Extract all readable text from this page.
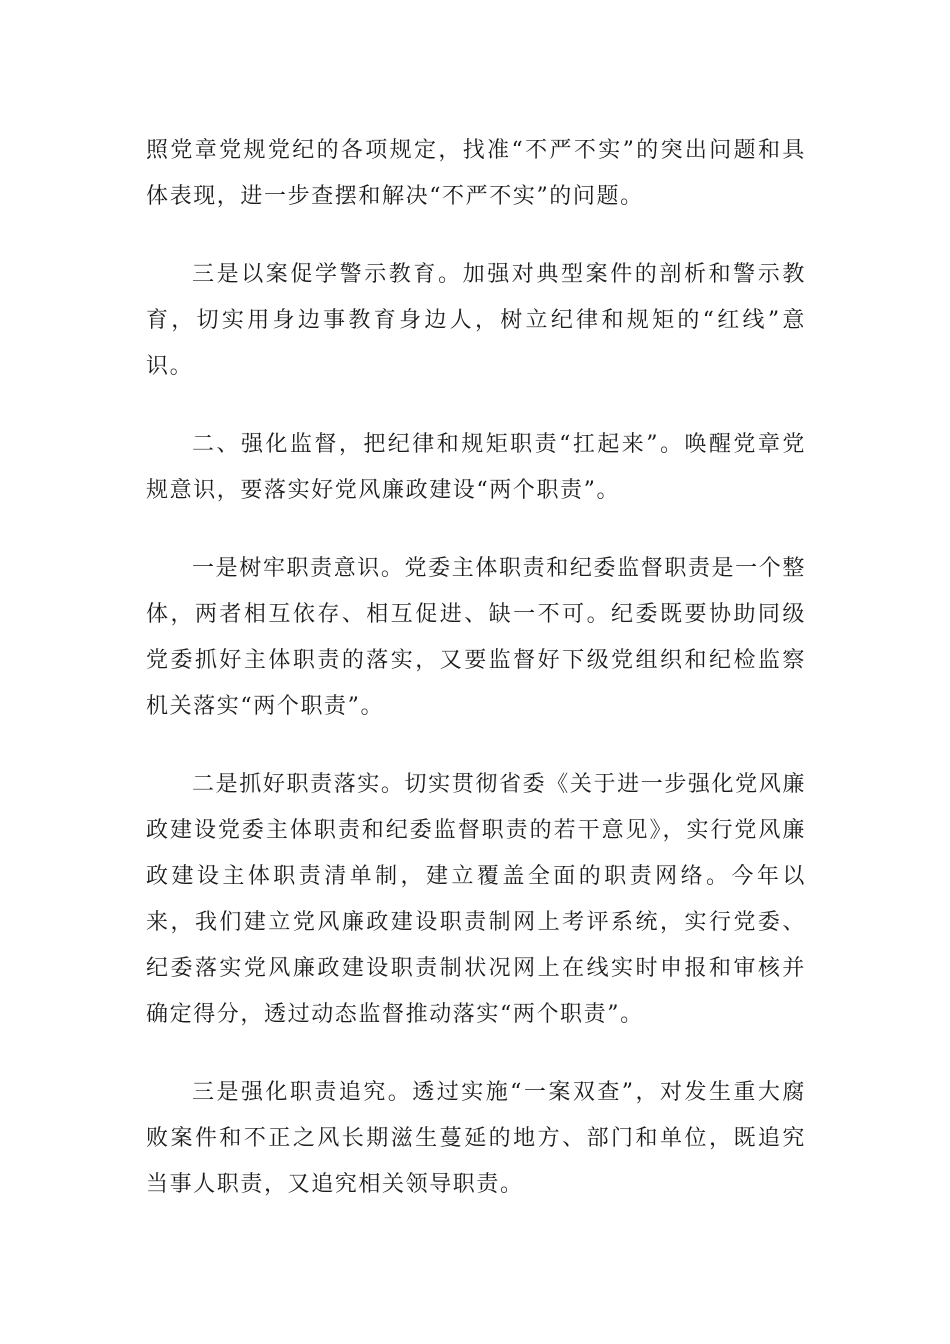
照党章党规党纪的各项规定，找准“不严不实”的突出问题和具体表现，进一步查摆和解决“不严不实”的问题。

三是以案促学警示教育。加强对典型案件的剖析和警示教育，切实用身边事教育身边人，树立纪律和规矩的“红线”意识。

二、强化监督，把纪律和规矩职责“扛起来”。唤醒党章党规意识，要落实好党风廉政建设“两个职责”。

一是树牢职责意识。党委主体职责和纪委监督职责是一个整体，两者相互依存、相互促进、缺一不可。纪委既要协助同级党委抓好主体职责的落实，又要监督好下级党组织和纪检监察机关落实“两个职责”。

二是抓好职责落实。切实贯彻省委《关于进一步强化党风廉政建设党委主体职责和纪委监督职责的若干意见》，实行党风廉政建设主体职责清单制，建立覆盖全面的职责网络。今年以来，我们建立党风廉政建设职责制网上考评系统，实行党委、纪委落实党风廉政建设职责制状况网上在线实时申报和审核并确定得分，透过动态监督推动落实“两个职责”。

三是强化职责追究。透过实施“一案双查”，对发生重大腐败案件和不正之风长期滋生蔓延的地方、部门和单位，既追究当事人职责，又追究相关领导职责。
